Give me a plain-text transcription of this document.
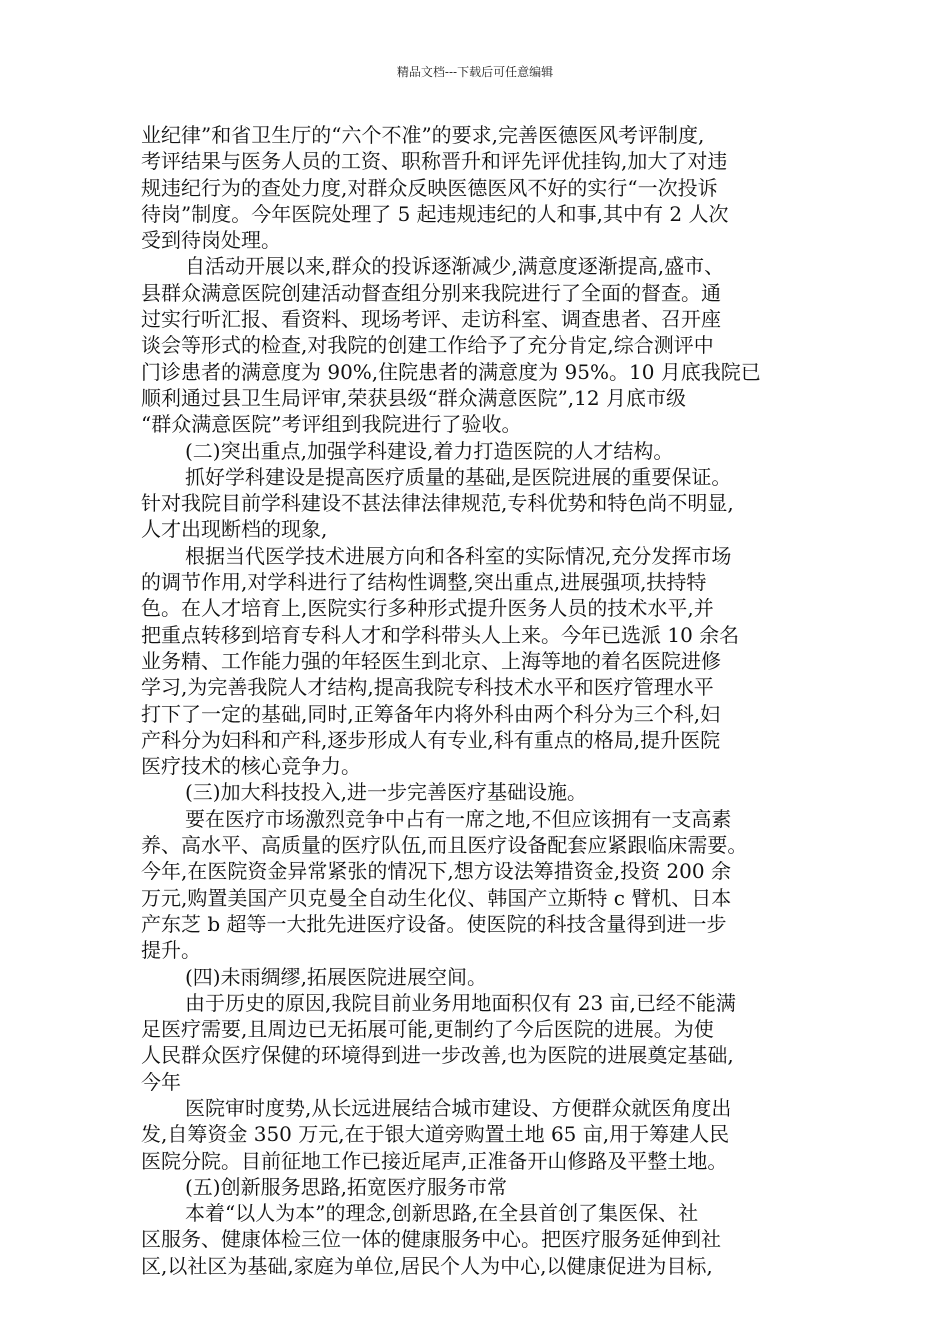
精品文档---下载后可任意编辑
业纪律”和省卫生厅的“六个不准”的要求,完善医德医风考评制度,
考评结果与医务人员的工资、职称晋升和评先评优挂钩,加大了对违
规违纪行为的查处力度,对群众反映医德医风不好的实行“一次投诉
待岗”制度。今年医院处理了 5 起违规违纪的人和事,其中有 2 人次
受到待岗处理。
自活动开展以来,群众的投诉逐渐减少,满意度逐渐提高,盛市、
县群众满意医院创建活动督查组分别来我院进行了全面的督查。通
过实行听汇报、看资料、现场考评、走访科室、调查患者、召开座
谈会等形式的检查,对我院的创建工作给予了充分肯定,综合测评中
门诊患者的满意度为 90%,住院患者的满意度为 95%。10 月底我院已
顺利通过县卫生局评审,荣获县级“群众满意医院”,12 月底市级
“群众满意医院”考评组到我院进行了验收。
(二)突出重点,加强学科建设,着力打造医院的人才结构。
抓好学科建设是提高医疗质量的基础,是医院进展的重要保证。
针对我院目前学科建设不甚法律法律规范,专科优势和特色尚不明显,
人才出现断档的现象,
根据当代医学技术进展方向和各科室的实际情况,充分发挥市场
的调节作用,对学科进行了结构性调整,突出重点,进展强项,扶持特
色。在人才培育上,医院实行多种形式提升医务人员的技术水平,并
把重点转移到培育专科人才和学科带头人上来。今年已选派 10 余名
业务精、工作能力强的年轻医生到北京、上海等地的着名医院进修
学习,为完善我院人才结构,提高我院专科技术水平和医疗管理水平
打下了一定的基础,同时,正筹备年内将外科由两个科分为三个科,妇
产科分为妇科和产科,逐步形成人有专业,科有重点的格局,提升医院
医疗技术的核心竞争力。
(三)加大科技投入,进一步完善医疗基础设施。
要在医疗市场激烈竞争中占有一席之地,不但应该拥有一支高素
养、高水平、高质量的医疗队伍,而且医疗设备配套应紧跟临床需要。
今年,在医院资金异常紧张的情况下,想方设法筹措资金,投资 200 余
万元,购置美国产贝克曼全自动生化仪、韩国产立斯特 c 臂机、日本
产东芝 b 超等一大批先进医疗设备。使医院的科技含量得到进一步
提升。
(四)未雨绸缪,拓展医院进展空间。
由于历史的原因,我院目前业务用地面积仅有 23 亩,已经不能满
足医疗需要,且周边已无拓展可能,更制约了今后医院的进展。为使
人民群众医疗保健的环境得到进一步改善,也为医院的进展奠定基础,
今年
医院审时度势,从长远进展结合城市建设、方便群众就医角度出
发,自筹资金 350 万元,在于银大道旁购置土地 65 亩,用于筹建人民
医院分院。目前征地工作已接近尾声,正准备开山修路及平整土地。
(五)创新服务思路,拓宽医疗服务市常
本着“以人为本”的理念,创新思路,在全县首创了集医保、社
区服务、健康体检三位一体的健康服务中心。把医疗服务延伸到社
区,以社区为基础,家庭为单位,居民个人为中心,以健康促进为目标,
